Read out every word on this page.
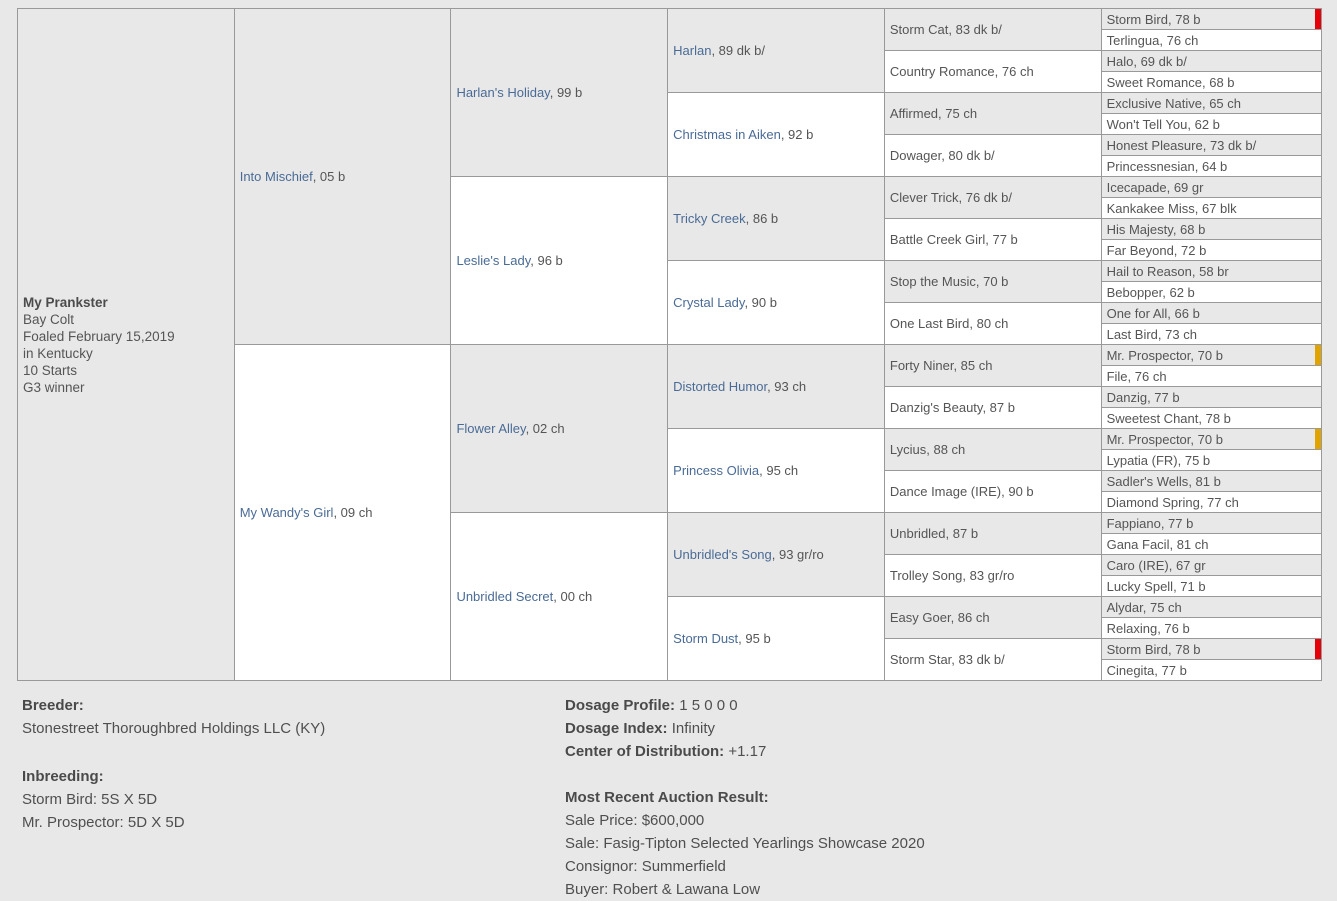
My Prankster
Bay Colt
Foaled February 15,2019
in Kentucky
10 Starts
G3 winner
	Into Mischief, 05 b	Harlan's Holiday, 99 b	Harlan, 89 dk b/	Storm Cat, 83 dk b/	Storm Bird, 78 b

					Terlingua, 76 ch
				Country Romance, 76 ch	Halo, 69 dk b/
					Sweet Romance, 68 b
			Christmas in Aiken, 92 b	Affirmed, 75 ch	Exclusive Native, 65 ch
					Won't Tell You, 62 b
				Dowager, 80 dk b/	Honest Pleasure, 73 dk b/
					Princessnesian, 64 b
		Leslie's Lady, 96 b	Tricky Creek, 86 b	Clever Trick, 76 dk b/	Icecapade, 69 gr
					Kankakee Miss, 67 blk
				Battle Creek Girl, 77 b	His Majesty, 68 b
					Far Beyond, 72 b
			Crystal Lady, 90 b	Stop the Music, 70 b	Hail to Reason, 58 br
					Bebopper, 62 b
				One Last Bird, 80 ch	One for All, 66 b
					Last Bird, 73 ch
	My Wandy's Girl, 09 ch	Flower Alley, 02 ch	Distorted Humor, 93 ch	Forty Niner, 85 ch	Mr. Prospector, 70 b

					File, 76 ch
				Danzig's Beauty, 87 b	Danzig, 77 b
					Sweetest Chant, 78 b
			Princess Olivia, 95 ch	Lycius, 88 ch	Mr. Prospector, 70 b

					Lypatia (FR), 75 b
				Dance Image (IRE), 90 b	Sadler's Wells, 81 b
					Diamond Spring, 77 ch
		Unbridled Secret, 00 ch	Unbridled's Song, 93 gr/ro	Unbridled, 87 b	Fappiano, 77 b
					Gana Facil, 81 ch
				Trolley Song, 83 gr/ro	Caro (IRE), 67 gr
					Lucky Spell, 71 b
			Storm Dust, 95 b	Easy Goer, 86 ch	Alydar, 75 ch
					Relaxing, 76 b
				Storm Star, 83 dk b/	Storm Bird, 78 b

					Cinegita, 77 b

Breeder:

Stonestreet Thoroughbred Holdings LLC (KY)

Inbreeding:

Storm Bird: 5S X 5D

Mr. Prospector: 5D X 5D

Dosage Profile: 1 5 0 0 0

Dosage Index: Infinity

Center of Distribution: +1.17

Most Recent Auction Result:

Sale Price: $600,000

Sale: Fasig-Tipton Selected Yearlings Showcase 2020

Consignor: Summerfield

Buyer: Robert & Lawana Low
